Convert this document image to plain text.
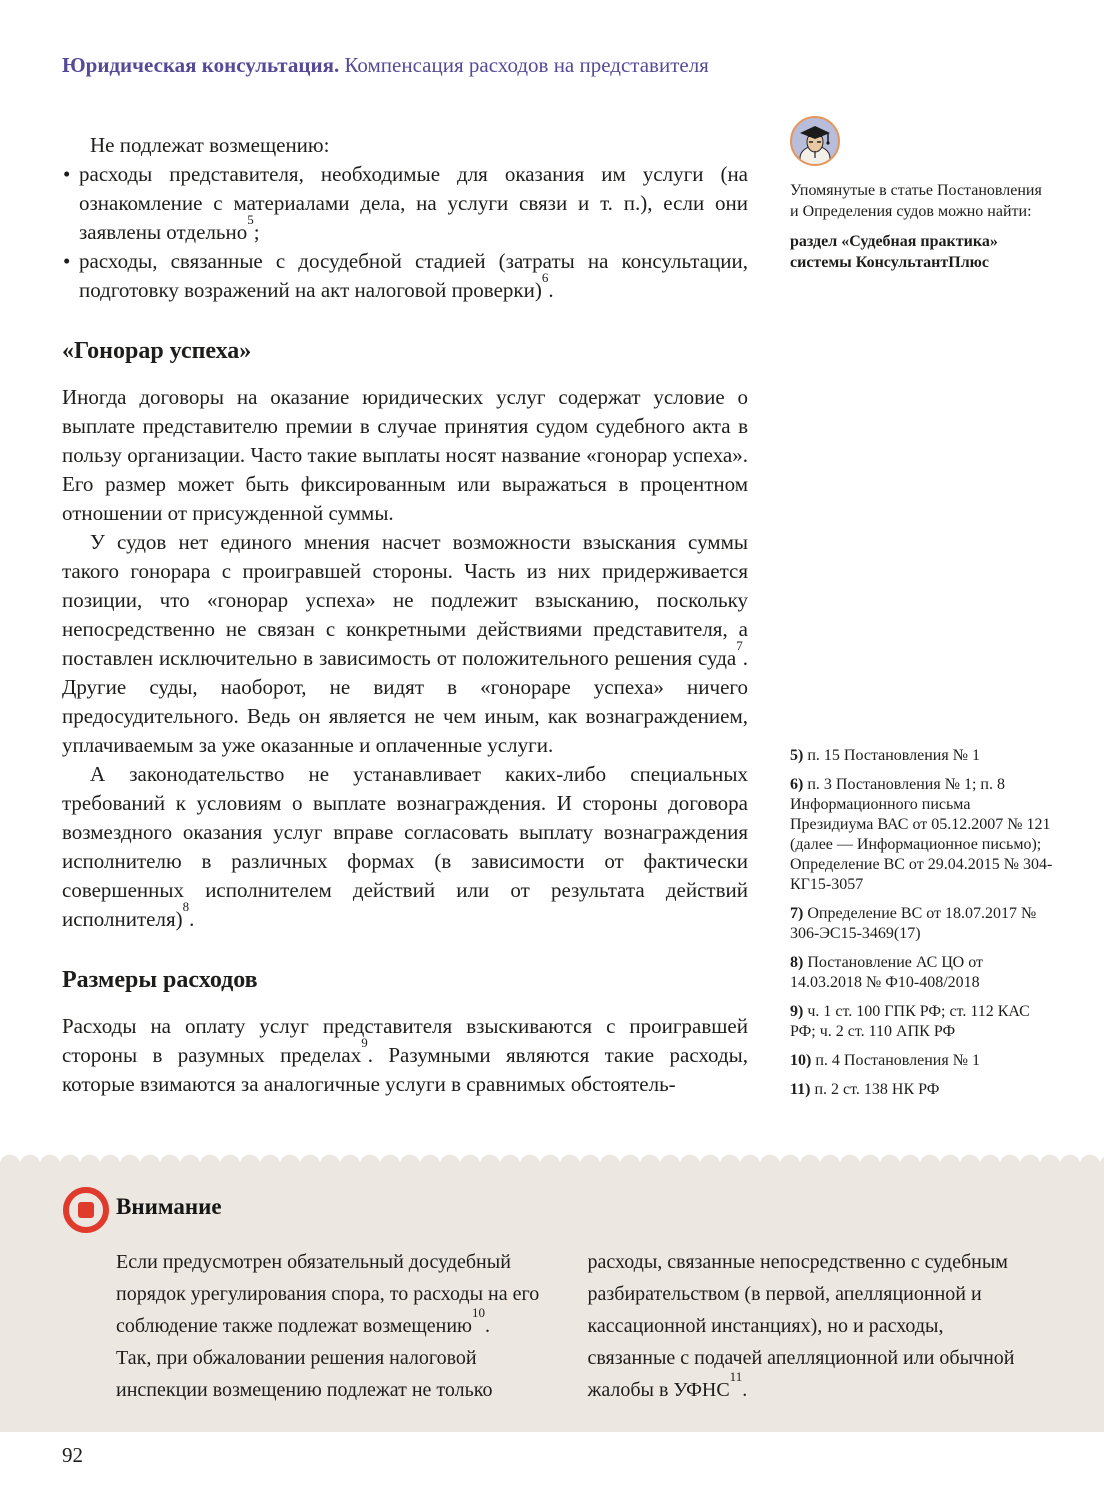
Юридическая консультация. Компенсация расходов на представителя

Не подлежат возмещению:

• расходы представителя, необходимые для оказания им услуги (на ознакомление с материалами дела, на услуги связи и т. п.), если они заявлены отдельно$^5$;
• расходы, связанные с досудебной стадией (затраты на консультации, подготовку возражений на акт налоговой проверки)$^6$.
«Гонорар успеха»

Иногда договоры на оказание юридических услуг содержат условие о выплате представителю премии в случае принятия судом судебного акта в пользу организации. Часто такие выплаты носят название «гонорар успеха». Его размер может быть фиксированным или выражаться в процентном отношении от присужденной суммы.

У судов нет единого мнения насчет возможности взыскания суммы такого гонорара с проигравшей стороны. Часть из них придерживается позиции, что «гонорар успеха» не подлежит взысканию, поскольку непосредственно не связан с конкретными действиями представителя, а поставлен исключительно в зависимость от положительного решения суда$^7$. Другие суды, наоборот, не видят в «гонораре успеха» ничего предосудительного. Ведь он является не чем иным, как вознаграждением, уплачиваемым за уже оказанные и оплаченные услуги.

А законодательство не устанавливает каких-либо специальных требований к условиям о выплате вознаграждения. И стороны договора возмездного оказания услуг вправе согласовать выплату вознаграждения исполнителю в различных формах (в зависимости от фактически совершенных исполнителем действий или от результата действий исполнителя)$^8$.

Размеры расходов

Расходы на оплату услуг представителя взыскиваются с проигравшей стороны в разумных пределах$^9$. Разумными являются такие расходы, которые взимаются за аналогичные услуги в сравнимых обстоятель-

Упомянутые в статье Постановления и Определения судов можно найти:
раздел «Судебная практика» системы КонсультантПлюс
5) п. 15 Постановления № 1
6) п. 3 Постановления № 1; п. 8 Информационного письма Президиума ВАС от 05.12.2007 № 121 (далее — Информационное письмо); Определение ВС от 29.04.2015 № 304-КГ15-3057
7) Определение ВС от 18.07.2017 № 306-ЭС15-3469(17)
8) Постановление АС ЦО от 14.03.2018 № Ф10-408/2018
9) ч. 1 ст. 100 ГПК РФ; ст. 112 КАС РФ; ч. 2 ст. 110 АПК РФ
10) п. 4 Постановления № 1
11) п. 2 ст. 138 НК РФ
Внимание
Если предусмотрен обязательный досудебный порядок урегулирования спора, то расходы на его соблюдение также подлежат возмещению$^{10}$.
Так, при обжаловании решения налоговой инспекции возмещению подлежат не только
расходы, связанные непосредственно с судебным разбирательством (в первой, апелляционной и кассационной инстанциях), но и расходы, связанные с подачей апелляционной или обычной жалобы в УФНС$^{11}$.
92
